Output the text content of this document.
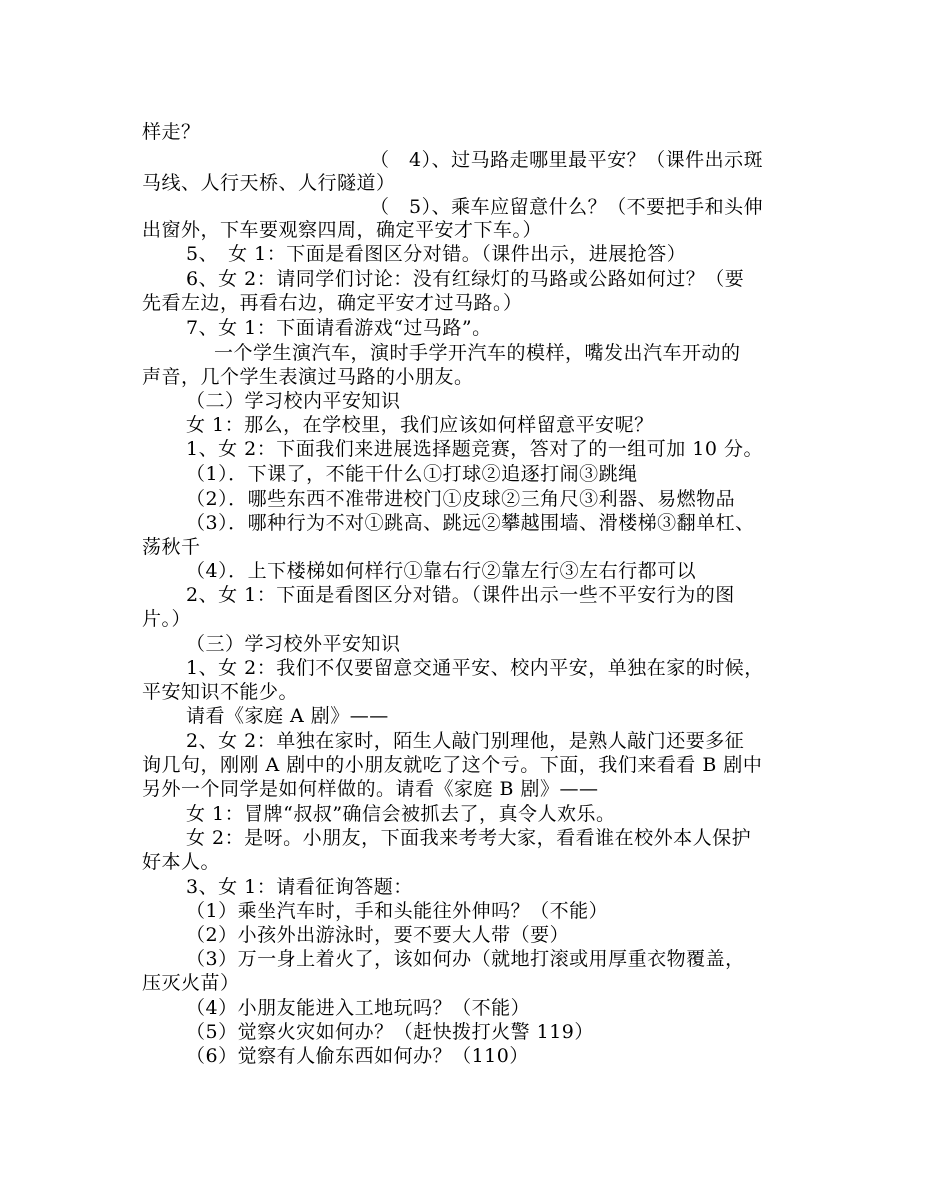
样走？
（　4）、过马路走哪里最平安？（课件出示斑
马线、人行天桥、人行隧道）
（　5）、乘车应留意什么？（不要把手和头伸
出窗外，下车要观察四周，确定平安才下车。）
5、　女 1：下面是看图区分对错。（课件出示，进展抢答）
6、女 2：请同学们讨论：没有红绿灯的马路或公路如何过？（要
先看左边，再看右边，确定平安才过马路。）
7、女 1：下面请看游戏“过马路”。
一个学生演汽车，演时手学开汽车的模样，嘴发出汽车开动的
声音，几个学生表演过马路的小朋友。
（二）学习校内平安知识
女 1：那么，在学校里，我们应该如何样留意平安呢？
1、女 2：下面我们来进展选择题竞赛，答对了的一组可加 10 分。
（1）．下课了，不能干什么①打球②追逐打闹③跳绳
（2）．哪些东西不准带进校门①皮球②三角尺③利器、易燃物品
（3）．哪种行为不对①跳高、跳远②攀越围墙、滑楼梯③翻单杠、
荡秋千
（4）．上下楼梯如何样行①靠右行②靠左行③左右行都可以
2、女 1：下面是看图区分对错。（课件出示一些不平安行为的图
片。）
（三）学习校外平安知识
1、女 2：我们不仅要留意交通平安、校内平安，单独在家的时候，
平安知识不能少。
请看《家庭 A 剧》——
2、女 2：单独在家时，陌生人敲门别理他，是熟人敲门还要多征
询几句，刚刚 A 剧中的小朋友就吃了这个亏。下面，我们来看看 B 剧中
另外一个同学是如何样做的。请看《家庭 B 剧》——
女 1：冒牌“叔叔”确信会被抓去了，真令人欢乐。
女 2：是呀。小朋友，下面我来考考大家，看看谁在校外本人保护
好本人。
3、女 1：请看征询答题：
（1）乘坐汽车时，手和头能往外伸吗？（不能）
（2）小孩外出游泳时，要不要大人带（要）
（3）万一身上着火了，该如何办（就地打滚或用厚重衣物覆盖，
压灭火苗）
（4）小朋友能进入工地玩吗？（不能）
（5）觉察火灾如何办？（赶快拨打火警 119）
（6）觉察有人偷东西如何办？（110）
